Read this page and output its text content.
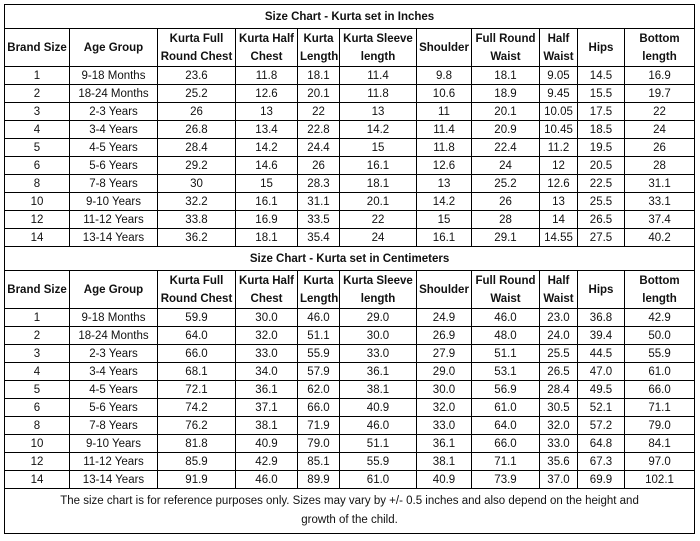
Size Chart - Kurta set in Inches										
Brand Size	Age Group	Kurta Full Round Chest	Kurta Half Chest	Kurta Length	Kurta Sleeve length	Shoulder	Full Round Waist	Half Waist	Hips	Bottom length
1	9-18 Months	23.6	11.8	18.1	11.4	9.8	18.1	9.05	14.5	16.9
2	18-24 Months	25.2	12.6	20.1	11.8	10.6	18.9	9.45	15.5	19.7
3	2-3 Years	26	13	22	13	11	20.1	10.05	17.5	22
4	3-4 Years	26.8	13.4	22.8	14.2	11.4	20.9	10.45	18.5	24
5	4-5 Years	28.4	14.2	24.4	15	11.8	22.4	11.2	19.5	26
6	5-6 Years	29.2	14.6	26	16.1	12.6	24	12	20.5	28
8	7-8 Years	30	15	28.3	18.1	13	25.2	12.6	22.5	31.1
10	9-10 Years	32.2	16.1	31.1	20.1	14.2	26	13	25.5	33.1
12	11-12 Years	33.8	16.9	33.5	22	15	28	14	26.5	37.4
14	13-14 Years	36.2	18.1	35.4	24	16.1	29.1	14.55	27.5	40.2
Size Chart - Kurta set in Centimeters										
Brand Size	Age Group	Kurta Full Round Chest	Kurta Half Chest	Kurta Length	Kurta Sleeve length	Shoulder	Full Round Waist	Half Waist	Hips	Bottom length
1	9-18 Months	59.9	30.0	46.0	29.0	24.9	46.0	23.0	36.8	42.9
2	18-24 Months	64.0	32.0	51.1	30.0	26.9	48.0	24.0	39.4	50.0
3	2-3 Years	66.0	33.0	55.9	33.0	27.9	51.1	25.5	44.5	55.9
4	3-4 Years	68.1	34.0	57.9	36.1	29.0	53.1	26.5	47.0	61.0
5	4-5 Years	72.1	36.1	62.0	38.1	30.0	56.9	28.4	49.5	66.0
6	5-6 Years	74.2	37.1	66.0	40.9	32.0	61.0	30.5	52.1	71.1
8	7-8 Years	76.2	38.1	71.9	46.0	33.0	64.0	32.0	57.2	79.0
10	9-10 Years	81.8	40.9	79.0	51.1	36.1	66.0	33.0	64.8	84.1
12	11-12 Years	85.9	42.9	85.1	55.9	38.1	71.1	35.6	67.3	97.0
14	13-14 Years	91.9	46.0	89.9	61.0	40.9	73.9	37.0	69.9	102.1
The size chart is for reference purposes only. Sizes may vary by +/- 0.5 inches and also depend on the height and growth of the child.										
